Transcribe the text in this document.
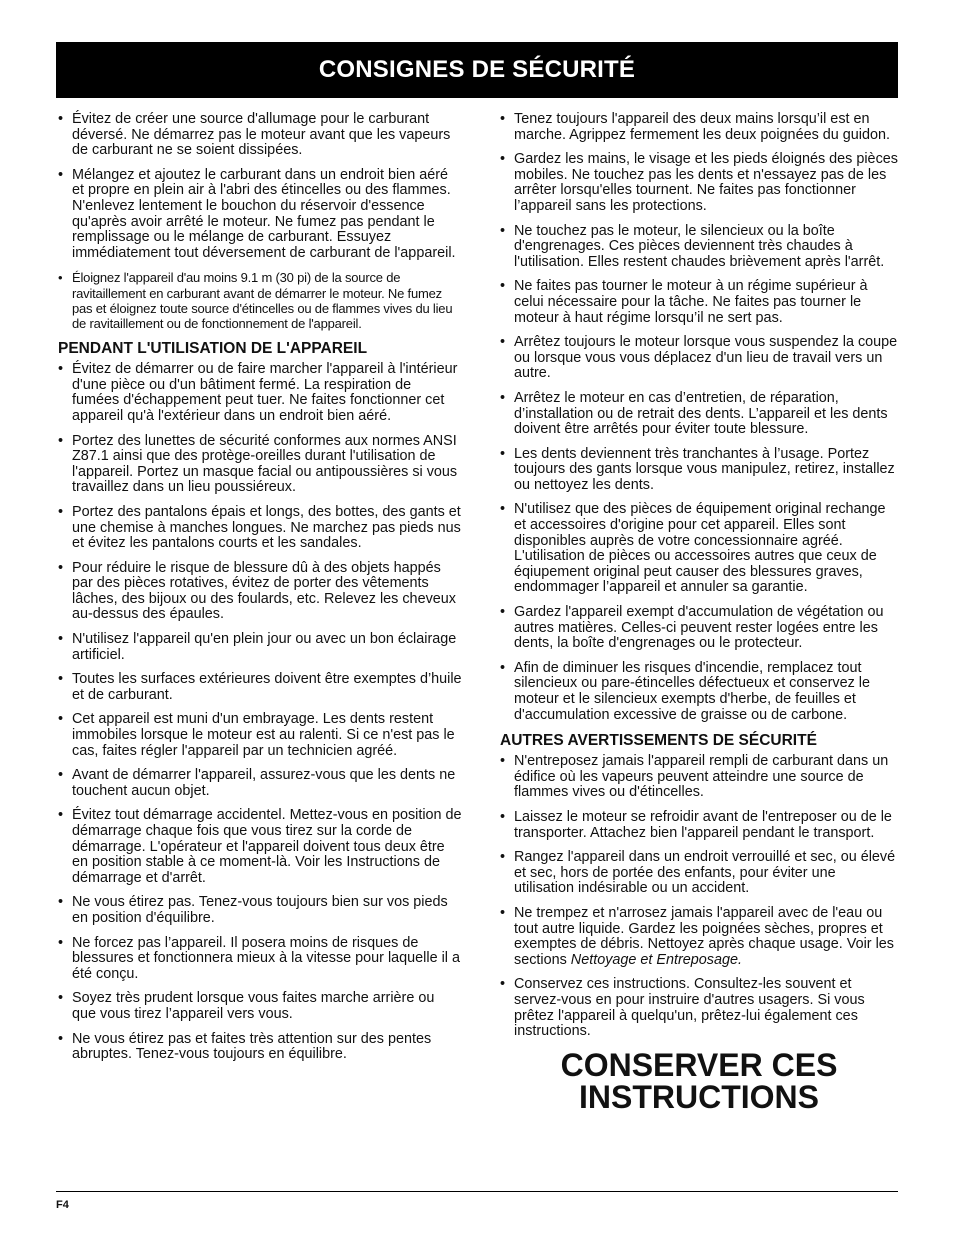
CONSIGNES DE SÉCURITÉ
• Évitez de créer une source d'allumage pour le carburant déversé. Ne démarrez pas le moteur avant que les vapeurs de carburant ne se soient dissipées.
• Mélangez et ajoutez le carburant dans un endroit bien aéré et propre en plein air à l'abri des étincelles ou des flammes. N'enlevez lentement le bouchon du réservoir d'essence qu'après avoir arrêté le moteur. Ne fumez pas pendant le remplissage ou le mélange de carburant. Essuyez immédiatement tout déversement de carburant de l'appareil.
• Éloignez l'appareil d'au moins 9.1 m (30 pi) de la source de ravitaillement en carburant avant de démarrer le moteur. Ne fumez pas et éloignez toute source d'étincelles ou de flammes vives du lieu de ravitaillement ou de fonctionnement de l'appareil.
PENDANT L'UTILISATION DE L'APPAREIL
• Évitez de démarrer ou de faire marcher l'appareil à l'intérieur d'une pièce ou d'un bâtiment fermé. La respiration de fumées d'échappement peut tuer. Ne faites fonctionner cet appareil qu'à l'extérieur dans un endroit bien aéré.
• Portez des lunettes de sécurité conformes aux normes ANSI Z87.1 ainsi que des protège-oreilles durant l'utilisation de l'appareil. Portez un masque facial ou antipoussières si vous travaillez dans un lieu poussiéreux.
• Portez des pantalons épais et longs, des bottes, des gants et une chemise à manches longues. Ne marchez pas pieds nus et évitez les pantalons courts et les sandales.
• Pour réduire le risque de blessure dû à des objets happés par des pièces rotatives, évitez de porter des vêtements lâches, des bijoux ou des foulards, etc. Relevez les cheveux au-dessus des épaules.
• N'utilisez l'appareil qu'en plein jour ou avec un bon éclairage artificiel.
• Toutes les surfaces extérieures doivent être exemptes d’huile et de carburant.
• Cet appareil est muni d'un embrayage. Les dents restent immobiles lorsque le moteur est au ralenti. Si ce n'est pas le cas, faites régler l'appareil par un technicien agréé.
• Avant de démarrer l'appareil, assurez-vous que les dents ne touchent aucun objet.
• Évitez tout démarrage accidentel. Mettez-vous en position de démarrage chaque fois que vous tirez sur la corde de démarrage. L'opérateur et l'appareil doivent tous deux être en position stable à ce moment-là. Voir les Instructions de démarrage et d'arrêt.
• Ne vous étirez pas. Tenez-vous toujours bien sur vos pieds en position d'équilibre.
• Ne forcez pas l’appareil. Il posera moins de risques de blessures et fonctionnera mieux à la vitesse pour laquelle il a été conçu.
• Soyez très prudent lorsque vous faites marche arrière ou que vous tirez l’appareil vers vous.
• Ne vous étirez pas et faites très attention sur des pentes abruptes. Tenez-vous toujours en équilibre.
• Tenez toujours l'appareil des deux mains lorsqu’il est en marche. Agrippez fermement les deux poignées du guidon.
• Gardez les mains, le visage et les pieds éloignés des pièces mobiles. Ne touchez pas les dents et n'essayez pas de les arrêter lorsqu'elles tournent. Ne faites pas fonctionner l’appareil sans les protections.
• Ne touchez pas le moteur, le silencieux ou la boîte d'engrenages. Ces pièces deviennent très chaudes à l'utilisation. Elles restent chaudes brièvement après l'arrêt.
• Ne faites pas tourner le moteur à un régime supérieur à celui nécessaire pour la tâche. Ne faites pas tourner le moteur à haut régime lorsqu’il ne sert pas.
• Arrêtez toujours le moteur lorsque vous suspendez la coupe ou lorsque vous vous déplacez d'un lieu de travail vers un autre.
• Arrêtez le moteur en cas d’entretien, de réparation, d’installation ou de retrait des dents. L’appareil et les dents doivent être arrêtés pour éviter toute blessure.
• Les dents deviennent très tranchantes à l’usage. Portez toujours des gants lorsque vous manipulez, retirez, installez ou nettoyez les dents.
• N'utilisez que des pièces de équipement original rechange et accessoires d'origine pour cet appareil. Elles sont disponibles auprès de votre concessionnaire agréé. L'utilisation de pièces ou accessoires autres que ceux de éqiupement original peut causer des blessures graves, endommager l’appareil et annuler sa garantie.
• Gardez l'appareil exempt d'accumulation de végétation ou autres matières. Celles-ci peuvent rester logées entre les dents, la boîte d'engrenages ou le protecteur.
• Afin de diminuer les risques d'incendie, remplacez tout silencieux ou pare-étincelles défectueux et conservez le moteur et le silencieux exempts d'herbe, de feuilles et d'accumulation excessive de graisse ou de carbone.
AUTRES AVERTISSEMENTS DE SÉCURITÉ
• N'entreposez jamais l'appareil rempli de carburant dans un édifice où les vapeurs peuvent atteindre une source de flammes vives ou d'étincelles.
• Laissez le moteur se refroidir avant de l'entreposer ou de le transporter. Attachez bien l'appareil pendant le transport.
• Rangez l'appareil dans un endroit verrouillé et sec, ou élevé et sec, hors de portée des enfants, pour éviter une utilisation indésirable ou un accident.
• Ne trempez et n'arrosez jamais l'appareil avec de l'eau ou tout autre liquide. Gardez les poignées sèches, propres et exemptes de débris. Nettoyez après chaque usage. Voir les sections Nettoyage et Entreposage.
• Conservez ces instructions. Consultez-les souvent et servez-vous en pour instruire d'autres usagers. Si vous prêtez l'appareil à quelqu'un, prêtez-lui également ces instructions.
CONSERVER CES
INSTRUCTIONS
F4
